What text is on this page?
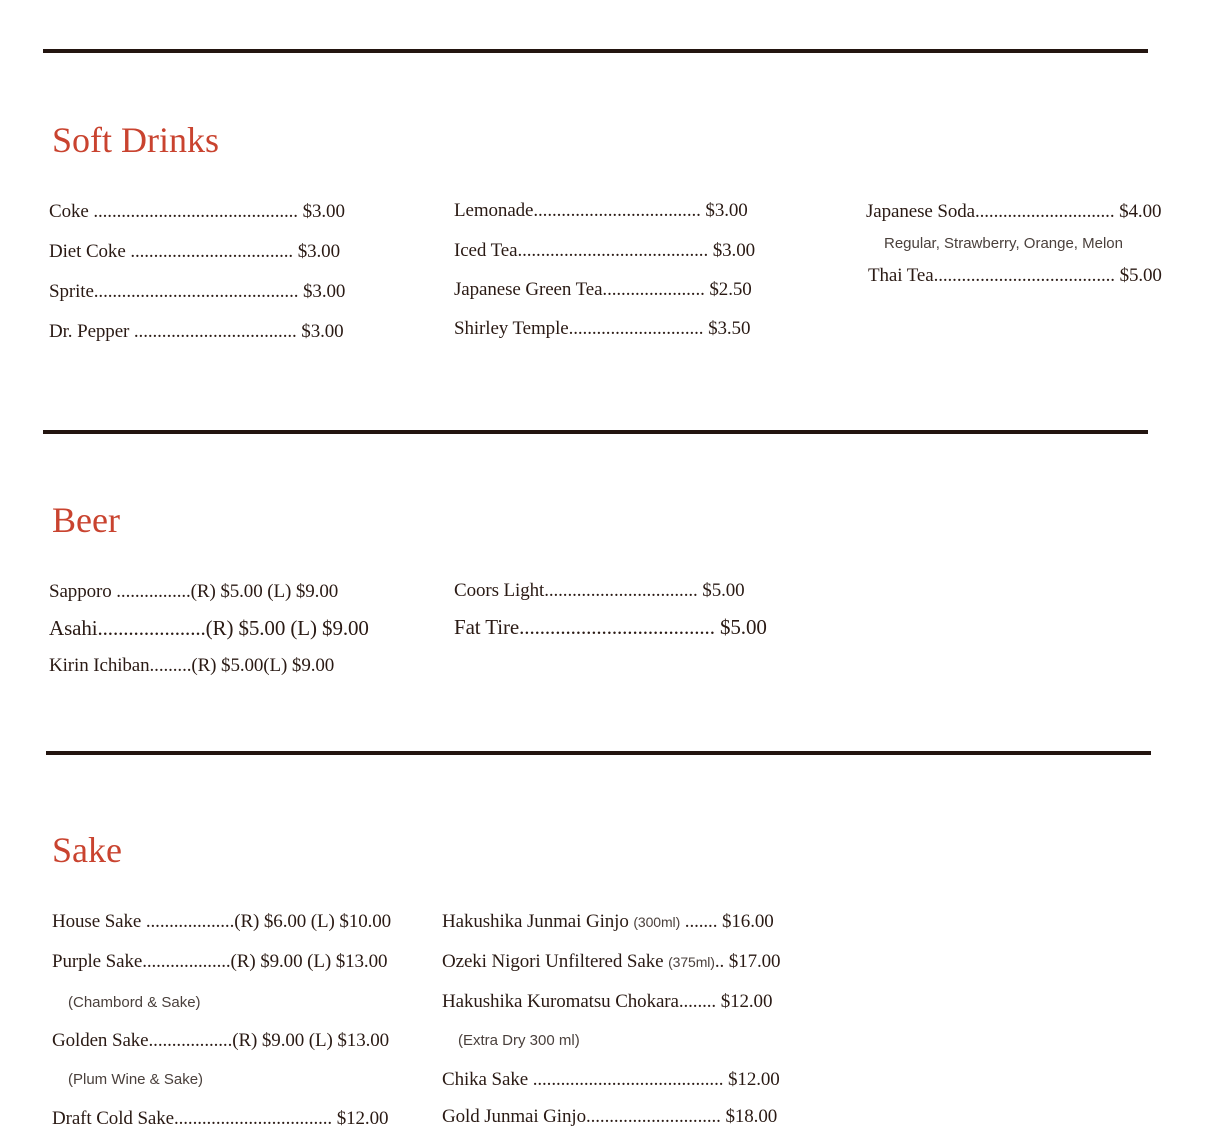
Soft Drinks

Coke ............................................ $3.00

Diet Coke ................................... $3.00

Sprite............................................ $3.00

Dr. Pepper ................................... $3.00

Lemonade.................................... $3.00

Iced Tea......................................... $3.00

Japanese Green Tea...................... $2.50

Shirley Temple............................. $3.50

Japanese Soda.............................. $4.00

Regular, Strawberry, Orange, Melon

Thai Tea....................................... $5.00

Beer

Sapporo ................(R) $5.00 (L) $9.00

Asahi.....................(R) $5.00 (L) $9.00

Kirin Ichiban.........(R) $5.00(L) $9.00

Coors Light................................. $5.00

Fat Tire...................................... $5.00

Sake

House Sake ...................(R) $6.00 (L) $10.00

Purple Sake...................(R) $9.00 (L) $13.00

(Chambord & Sake)

Golden Sake..................(R) $9.00 (L) $13.00

(Plum Wine & Sake)

Draft Cold Sake.................................. $12.00

Hakushika Junmai Ginjo (300ml) ....... $16.00

Ozeki Nigori Unfiltered Sake (375ml).. $17.00

Hakushika Kuromatsu Chokara........ $12.00

(Extra Dry 300 ml)

Chika Sake ......................................... $12.00

Gold Junmai Ginjo............................. $18.00
